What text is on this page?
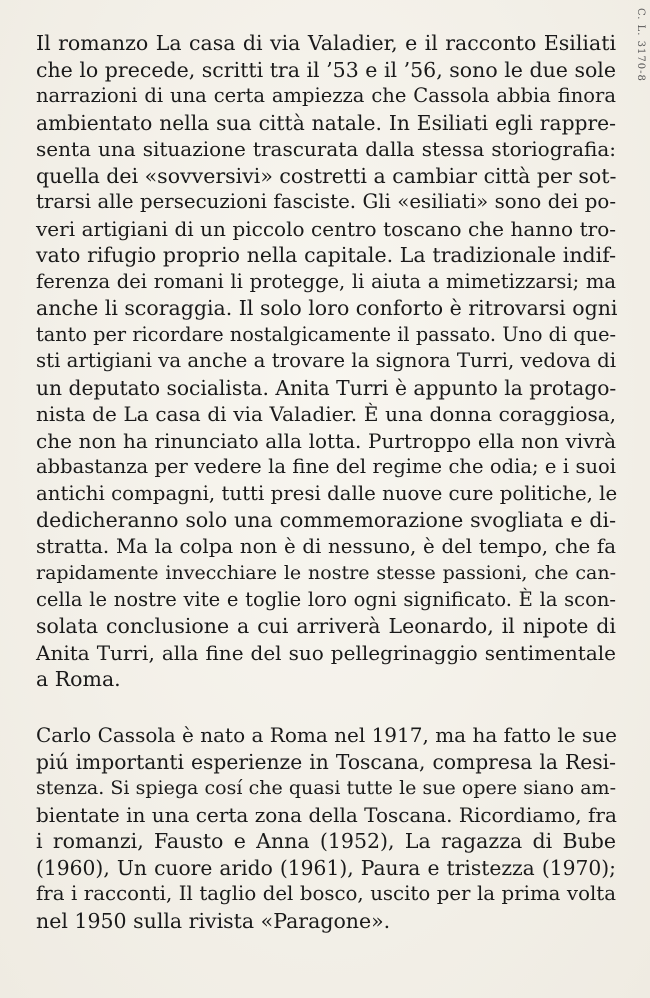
C. L. 3170-8
Il romanzo La casa di via Valadier, e il racconto Esiliati
che lo precede, scritti tra il ’53 e il ’56, sono le due sole
narrazioni di una certa ampiezza che Cassola abbia finora
ambientato nella sua città natale. In Esiliati egli rappre-
senta una situazione trascurata dalla stessa storiografia:
quella dei «sovversivi» costretti a cambiar città per sot-
trarsi alle persecuzioni fasciste. Gli «esiliati» sono dei po-
veri artigiani di un piccolo centro toscano che hanno tro-
vato rifugio proprio nella capitale. La tradizionale indif-
ferenza dei romani li protegge, li aiuta a mimetizzarsi; ma
anche li scoraggia. Il solo loro conforto è ritrovarsi ogni
tanto per ricordare nostalgicamente il passato. Uno di que-
sti artigiani va anche a trovare la signora Turri, vedova di
un deputato socialista. Anita Turri è appunto la protago-
nista de La casa di via Valadier. È una donna coraggiosa,
che non ha rinunciato alla lotta. Purtroppo ella non vivrà
abbastanza per vedere la fine del regime che odia; e i suoi
antichi compagni, tutti presi dalle nuove cure politiche, le
dedicheranno solo una commemorazione svogliata e di-
stratta. Ma la colpa non è di nessuno, è del tempo, che fa
rapidamente invecchiare le nostre stesse passioni, che can-
cella le nostre vite e toglie loro ogni significato. È la scon-
solata conclusione a cui arriverà Leonardo, il nipote di
Anita Turri, alla fine del suo pellegrinaggio sentimentale
a Roma.
Carlo Cassola è nato a Roma nel 1917, ma ha fatto le sue
piú importanti esperienze in Toscana, compresa la Resi-
stenza. Si spiega cosí che quasi tutte le sue opere siano am-
bientate in una certa zona della Toscana. Ricordiamo, fra
i romanzi, Fausto e Anna (1952), La ragazza di Bube
(1960), Un cuore arido (1961), Paura e tristezza (1970);
fra i racconti, Il taglio del bosco, uscito per la prima volta
nel 1950 sulla rivista «Paragone».
